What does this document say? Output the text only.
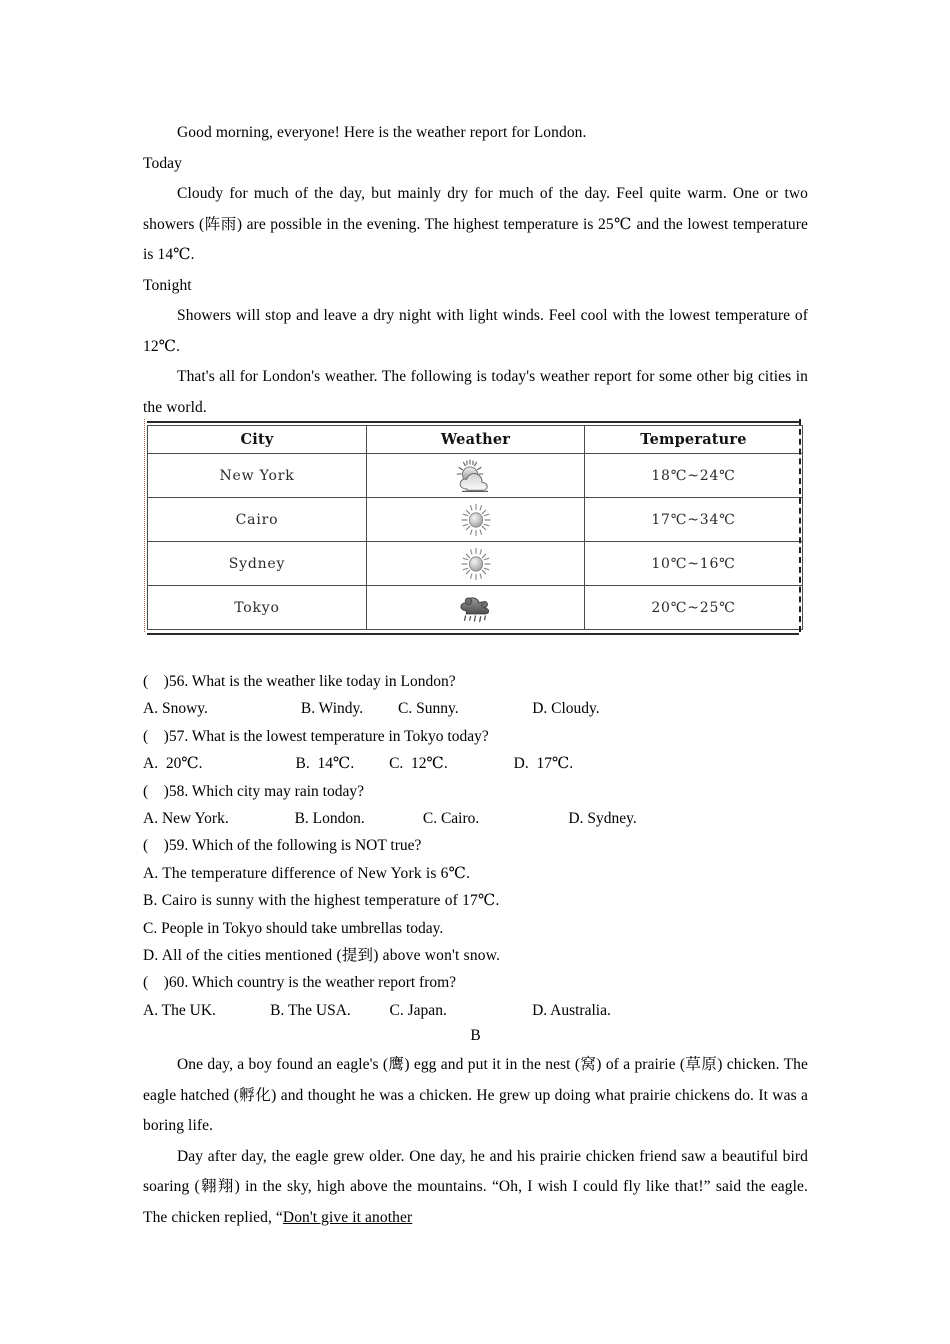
Good morning, everyone! Here is the weather report for London.

Today

Cloudy for much of the day, but mainly dry for much of the day. Feel quite warm. One or two showers (阵雨) are possible in the evening. The highest temperature is 25℃ and the lowest temperature is 14℃.

Tonight

Showers will stop and leave a dry night with light winds. Feel cool with the lowest temperature of 12℃.

That's all for London's weather. The following is today's weather report for some other big cities in the world.

City	Weather	Temperature
New York		18℃~24℃
Cairo		17℃~34℃
Sydney		10℃~16℃
Tokyo		20℃~25℃
(    )56. What is the weather like today in London?
A. Snowy.                        B. Windy.         C. Sunny.                   D. Cloudy.
(    )57. What is the lowest temperature in Tokyo today?
A.  20℃.                        B.  14℃.         C.  12℃.                 D.  17℃.
(    )58. Which city may rain today?
A. New York.                 B. London.               C. Cairo.                       D. Sydney.
(    )59. Which of the following is NOT true?
A. The temperature difference of New York is 6℃.
B. Cairo is sunny with the highest temperature of 17℃.
C. People in Tokyo should take umbrellas today.
D. All of the cities mentioned (提到) above won't snow.
(    )60. Which country is the weather report from?
A. The UK.              B. The USA.          C. Japan.                      D. Australia.
B

One day, a boy found an eagle's (鹰) egg and put it in the nest (窝) of a prairie (草原) chicken. The eagle hatched (孵化) and thought he was a chicken. He grew up doing what prairie chickens do. It was a boring life.

Day after day, the eagle grew older. One day, he and his prairie chicken friend saw a beautiful bird soaring (翱翔) in the sky, high above the mountains. “Oh, I wish I could fly like that!” said the eagle. The chicken replied, “Don't give it another
